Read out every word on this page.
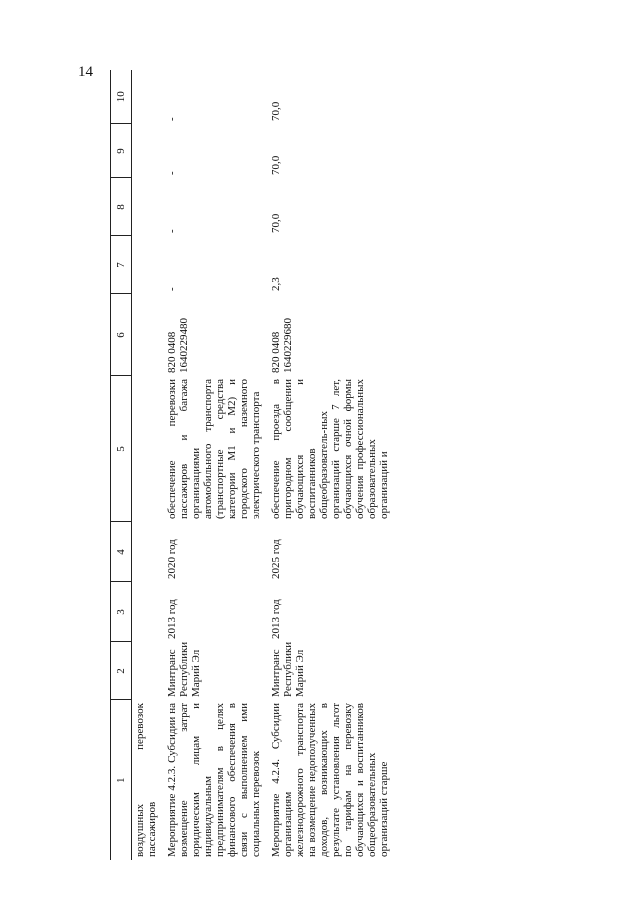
14
1	2	3	4	5	6	7	8	9	10
воздушных перевозок пассажиров									
Мероприятие 4.2.3. Субсидии на возмещение затрат юридическим лицам и индивидуальным предпринимателям в целях финансового обеспечения в связи с выполнением ими социальных перевозок	Минтранс Республики Марий Эл	2013 год	2020 год	обеспечение перевозки пассажиров и багажа организациями автомобильного транспорта (транспортные средства категории М1 и М2) и городского наземного электрического транспорта	820 0408 1640229480	-	-	-	-
Мероприятие 4.2.4. Субсидии организациям железнодорожного транспорта на возмещение недополученных доходов, возникающих в результате установления льгот по тарифам на перевозку обучающихся и воспитанников общеобразовательных организаций старше	Минтранс Республики Марий Эл	2013 год	2025 год	обеспечение проезда в пригородном сообщении обучающихся и воспитанников общеобразователь-ных организаций старше 7 лет, обучающихся очной формы обучения профессиональных образовательных организаций и	820 0408 1640229680	2,3	70,0	70,0	70,0
